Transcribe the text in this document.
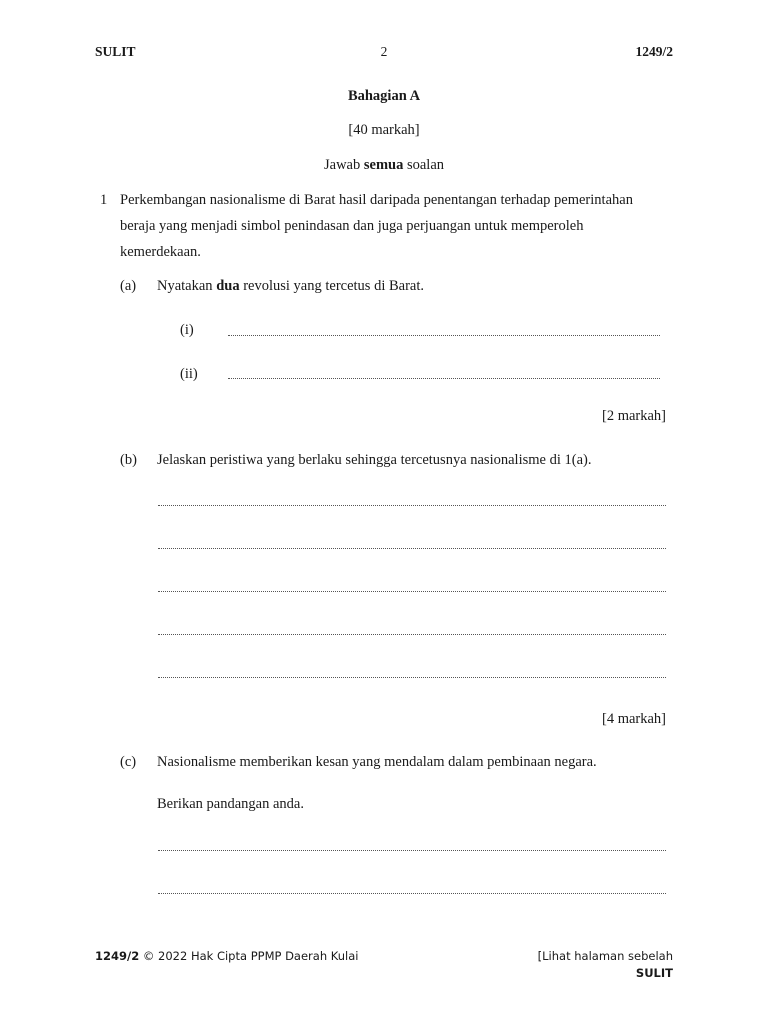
SULIT	2	1249/2
Bahagian A
[40 markah]
Jawab semua soalan
1 Perkembangan nasionalisme di Barat hasil daripada penentangan terhadap pemerintahan
beraja yang menjadi simbol penindasan dan juga perjuangan untuk memperoleh
kemerdekaan.
(a) Nyatakan dua revolusi yang tercetus di Barat.
(i)
(ii)
[2 markah]
(b) Jelaskan peristiwa yang berlaku sehingga tercetusnya nasionalisme di 1(a).
[4 markah]
(c) Nasionalisme memberikan kesan yang mendalam dalam pembinaan negara.
Berikan pandangan anda.
1249/2 © 2022 Hak Cipta PPMP Daerah Kulai	[Lihat halaman sebelah
SULIT
